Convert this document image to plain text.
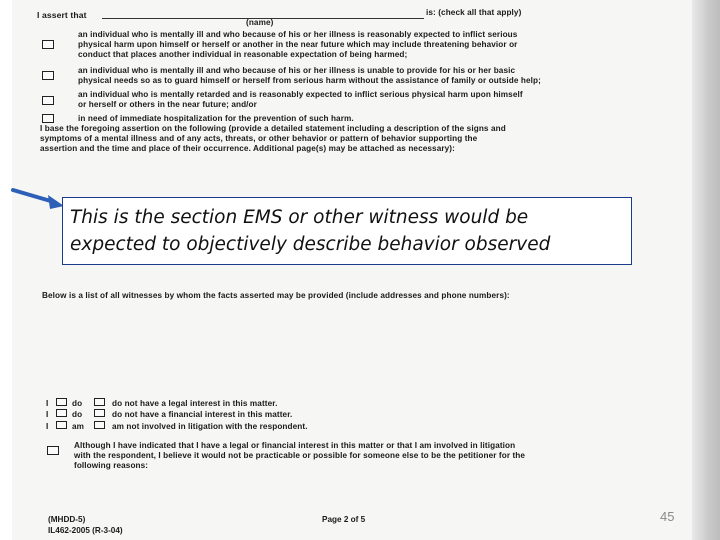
I assert that
(name)
is: (check all that apply)
an individual who is mentally ill and who because of his or her illness is reasonably expected to inflict serious
physical harm upon himself or herself or another in the near future which may include threatening behavior or
conduct that places another individual in reasonable expectation of being harmed;
an individual who is mentally ill and who because of his or her illness is unable to provide for his or her basic
physical needs so as to guard himself or herself from serious harm without the assistance of family or outside help;
an individual who is mentally retarded and is reasonably expected to inflict serious physical harm upon himself
or herself or others in the near future; and/or
in need of immediate hospitalization for the prevention of such harm.
I base the foregoing assertion on the following (provide a detailed statement including a description of the signs and
symptoms of a mental illness and of any acts, threats, or other behavior or pattern of behavior supporting the
assertion and the time and place of their occurrence. Additional page(s) may be attached as necessary):
Below is a list of all witnesses by whom the facts asserted may be provided (include addresses and phone numbers):
I	do	do not have a legal interest in this matter.
I	do	do not have a financial interest in this matter.
I	am	am not involved in litigation with the respondent.
Although I have indicated that I have a legal or financial interest in this matter or that I am involved in litigation
with the respondent, I believe it would not be practicable or possible for someone else to be the petitioner for the
following reasons:
(MHDD-5)
IL462-2005 (R-3-04)
Page 2 of 5
This is the section EMS or other witness would be
expected to objectively describe behavior observed
45
